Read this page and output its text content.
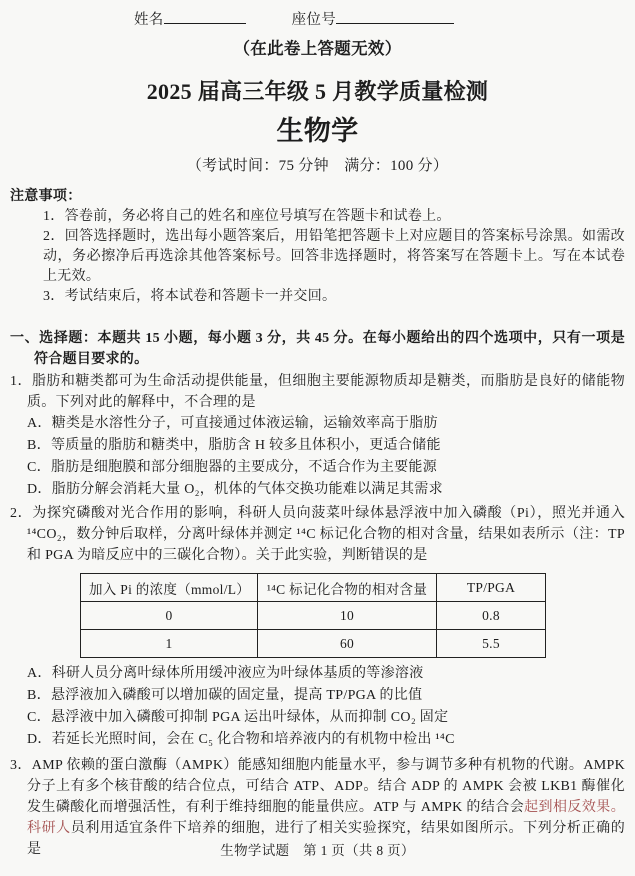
姓名	座位号
（在此卷上答题无效）
2025 届高三年级 5 月教学质量检测
生物学
（考试时间：75 分钟　满分：100 分）
注意事项：
1．答卷前，务必将自己的姓名和座位号填写在答题卡和试卷上。
2．回答选择题时，选出每小题答案后，用铅笔把答题卡上对应题目的答案标号涂黑。如需改动，务必擦净后再选涂其他答案标号。回答非选择题时，将答案写在答题卡上。写在本试卷上无效。
3．考试结束后，将本试卷和答题卡一并交回。
一、选择题：本题共 15 小题，每小题 3 分，共 45 分。在每小题给出的四个选项中，只有一项是符合题目要求的。
1．脂肪和糖类都可为生命活动提供能量，但细胞主要能源物质却是糖类，而脂肪是良好的储能物质。下列对此的解释中，不合理的是
A．糖类是水溶性分子，可直接通过体液运输，运输效率高于脂肪
B．等质量的脂肪和糖类中，脂肪含 H 较多且体积小，更适合储能
C．脂肪是细胞膜和部分细胞器的主要成分，不适合作为主要能源
D．脂肪分解会消耗大量 O₂，机体的气体交换功能难以满足其需求
2．为探究磷酸对光合作用的影响，科研人员向菠菜叶绿体悬浮液中加入磷酸（Pi），照光并通入 ¹⁴CO₂，数分钟后取样，分离叶绿体并测定 ¹⁴C 标记化合物的相对含量，结果如表所示（注：TP 和 PGA 为暗反应中的三碳化合物）。关于此实验，判断错误的是
加入 Pi 的浓度（mmol/L）	¹⁴C 标记化合物的相对含量	TP/PGA
0	10	0.8
1	60	5.5
A．科研人员分离叶绿体所用缓冲液应为叶绿体基质的等渗溶液
B．悬浮液加入磷酸可以增加碳的固定量，提高 TP/PGA 的比值
C．悬浮液中加入磷酸可抑制 PGA 运出叶绿体，从而抑制 CO₂ 固定
D．若延长光照时间，会在 C₅ 化合物和培养液内的有机物中检出 ¹⁴C
3．AMP 依赖的蛋白激酶（AMPK）能感知细胞内能量水平，参与调节多种有机物的代谢。AMPK 分子上有多个核苷酸的结合位点，可结合 ATP、ADP。结合 ADP 的 AMPK 会被 LKB1 酶催化发生磷酸化而增强活性，有利于维持细胞的能量供应。ATP 与 AMPK 的结合会起到相反效果。科研人员利用适宜条件下培养的细胞，进行了相关实验探究，结果如图所示。下列分析正确的是	生物学试题　第 1 页（共 8 页）
